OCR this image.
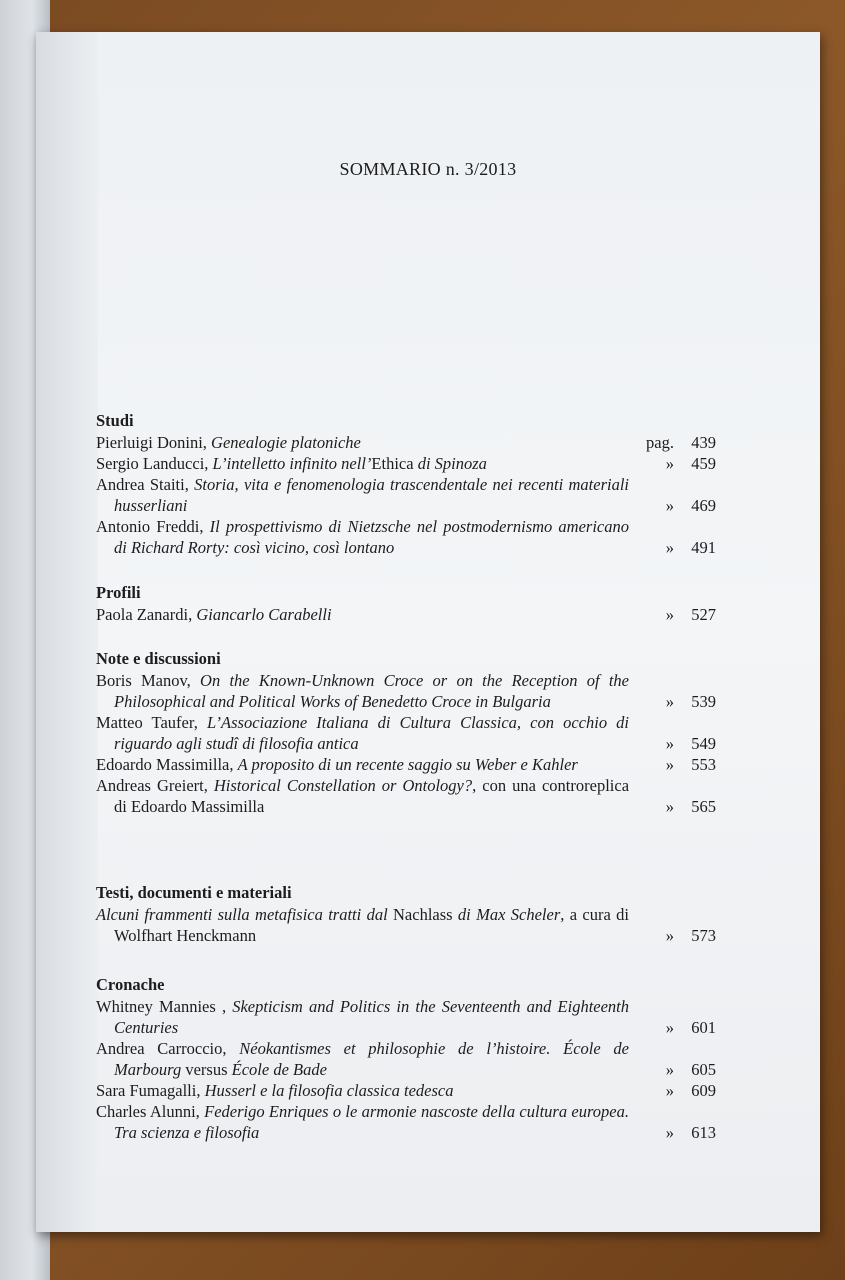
SOMMARIO n. 3/2013
Studi
Pierluigi Donini, Genealogie platoniche	pag.	439
Sergio Landucci, L’intelletto infinito nell’Ethica di Spinoza	»	459
Andrea Staiti, Storia, vita e fenomenologia trascendentale nei recenti materiali husserliani	»	469
Antonio Freddi, Il prospettivismo di Nietzsche nel postmodernismo americano di Richard Rorty: così vicino, così lontano	»	491
Profili
Paola Zanardi, Giancarlo Carabelli	»	527
Note e discussioni
Boris Manov, On the Known-Unknown Croce or on the Reception of the Philosophical and Political Works of Benedetto Croce in Bulgaria	»	539
Matteo Taufer, L’Associazione Italiana di Cultura Classica, con occhio di riguardo agli studî di filosofia antica	»	549
Edoardo Massimilla, A proposito di un recente saggio su Weber e Kahler	»	553
Andreas Greiert, Historical Constellation or Ontology?, con una controreplica di Edoardo Massimilla	»	565
Testi, documenti e materiali
Alcuni frammenti sulla metafisica tratti dal Nachlass di Max Scheler, a cura di Wolfhart Henckmann	»	573
Cronache
Whitney Mannies , Skepticism and Politics in the Seventeenth and Eighteenth Centuries	»	601
Andrea Carroccio, Néokantismes et philosophie de l’histoire. École de Marbourg versus École de Bade	»	605
Sara Fumagalli, Husserl e la filosofia classica tedesca	»	609
Charles Alunni, Federigo Enriques o le armonie nascoste della cultura europea. Tra scienza e filosofia	»	613
